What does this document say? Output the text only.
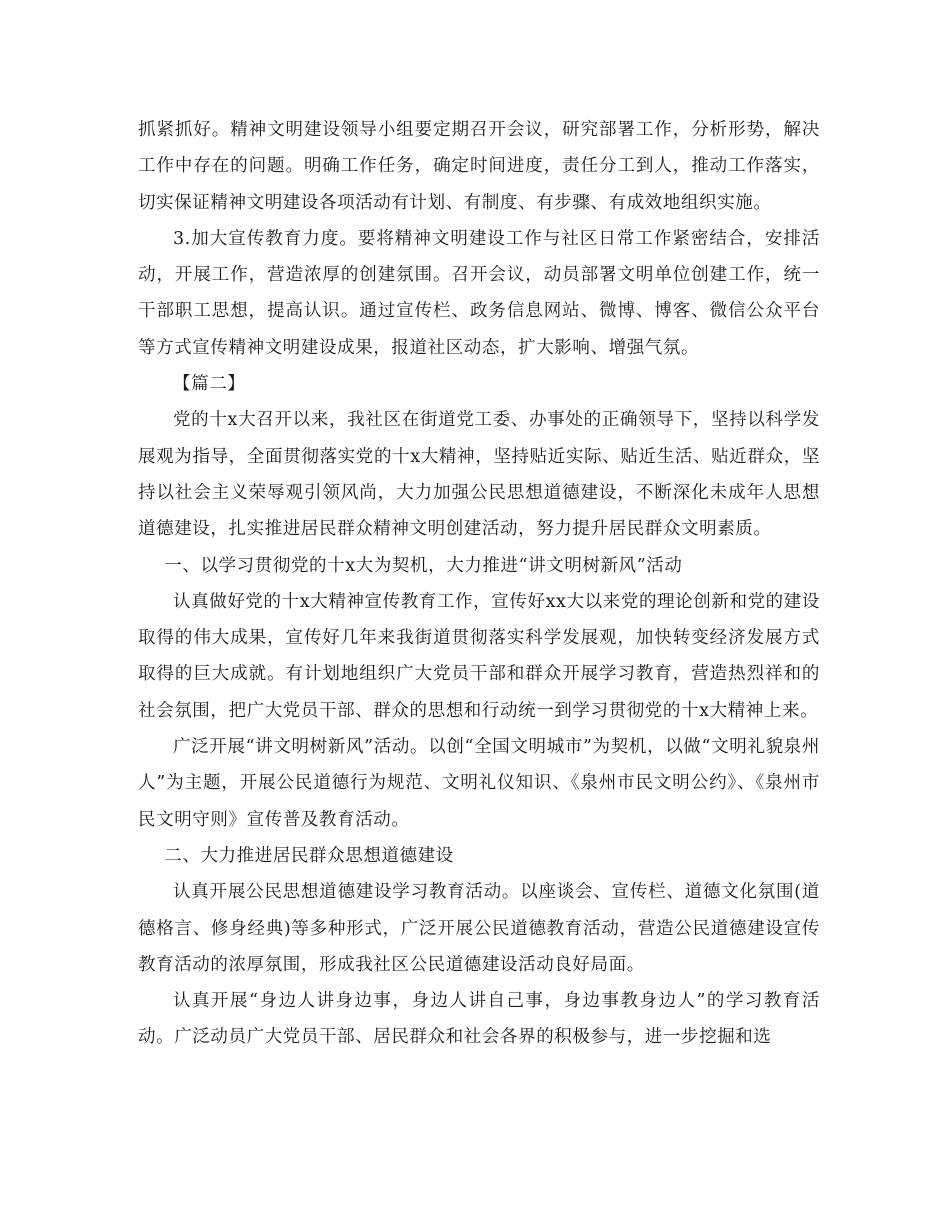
抓紧抓好。精神文明建设领导小组要定期召开会议，研究部署工作，分析形势，解决工作中存在的问题。明确工作任务，确定时间进度，责任分工到人，推动工作落实，切实保证精神文明建设各项活动有计划、有制度、有步骤、有成效地组织实施。

3.加大宣传教育力度。要将精神文明建设工作与社区日常工作紧密结合，安排活动，开展工作，营造浓厚的创建氛围。召开会议，动员部署文明单位创建工作，统一干部职工思想，提高认识。通过宣传栏、政务信息网站、微博、博客、微信公众平台等方式宣传精神文明建设成果，报道社区动态，扩大影响、增强气氛。

【篇二】

党的十x大召开以来，我社区在街道党工委、办事处的正确领导下，坚持以科学发展观为指导，全面贯彻落实党的十x大精神，坚持贴近实际、贴近生活、贴近群众，坚持以社会主义荣辱观引领风尚，大力加强公民思想道德建设，不断深化未成年人思想道德建设，扎实推进居民群众精神文明创建活动，努力提升居民群众文明素质。

一、以学习贯彻党的十x大为契机，大力推进“讲文明树新风”活动

认真做好党的十x大精神宣传教育工作，宣传好xx大以来党的理论创新和党的建设取得的伟大成果，宣传好几年来我街道贯彻落实科学发展观，加快转变经济发展方式取得的巨大成就。有计划地组织广大党员干部和群众开展学习教育，营造热烈祥和的社会氛围，把广大党员干部、群众的思想和行动统一到学习贯彻党的十x大精神上来。

广泛开展“讲文明树新风”活动。以创“全国文明城市”为契机，以做“文明礼貌泉州人”为主题，开展公民道德行为规范、文明礼仪知识、《泉州市民文明公约》、《泉州市民文明守则》宣传普及教育活动。

二、大力推进居民群众思想道德建设

认真开展公民思想道德建设学习教育活动。以座谈会、宣传栏、道德文化氛围(道德格言、修身经典)等多种形式，广泛开展公民道德教育活动，营造公民道德建设宣传教育活动的浓厚氛围，形成我社区公民道德建设活动良好局面。

认真开展“身边人讲身边事，身边人讲自己事，身边事教身边人”的学习教育活动。广泛动员广大党员干部、居民群众和社会各界的积极参与，进一步挖掘和选
